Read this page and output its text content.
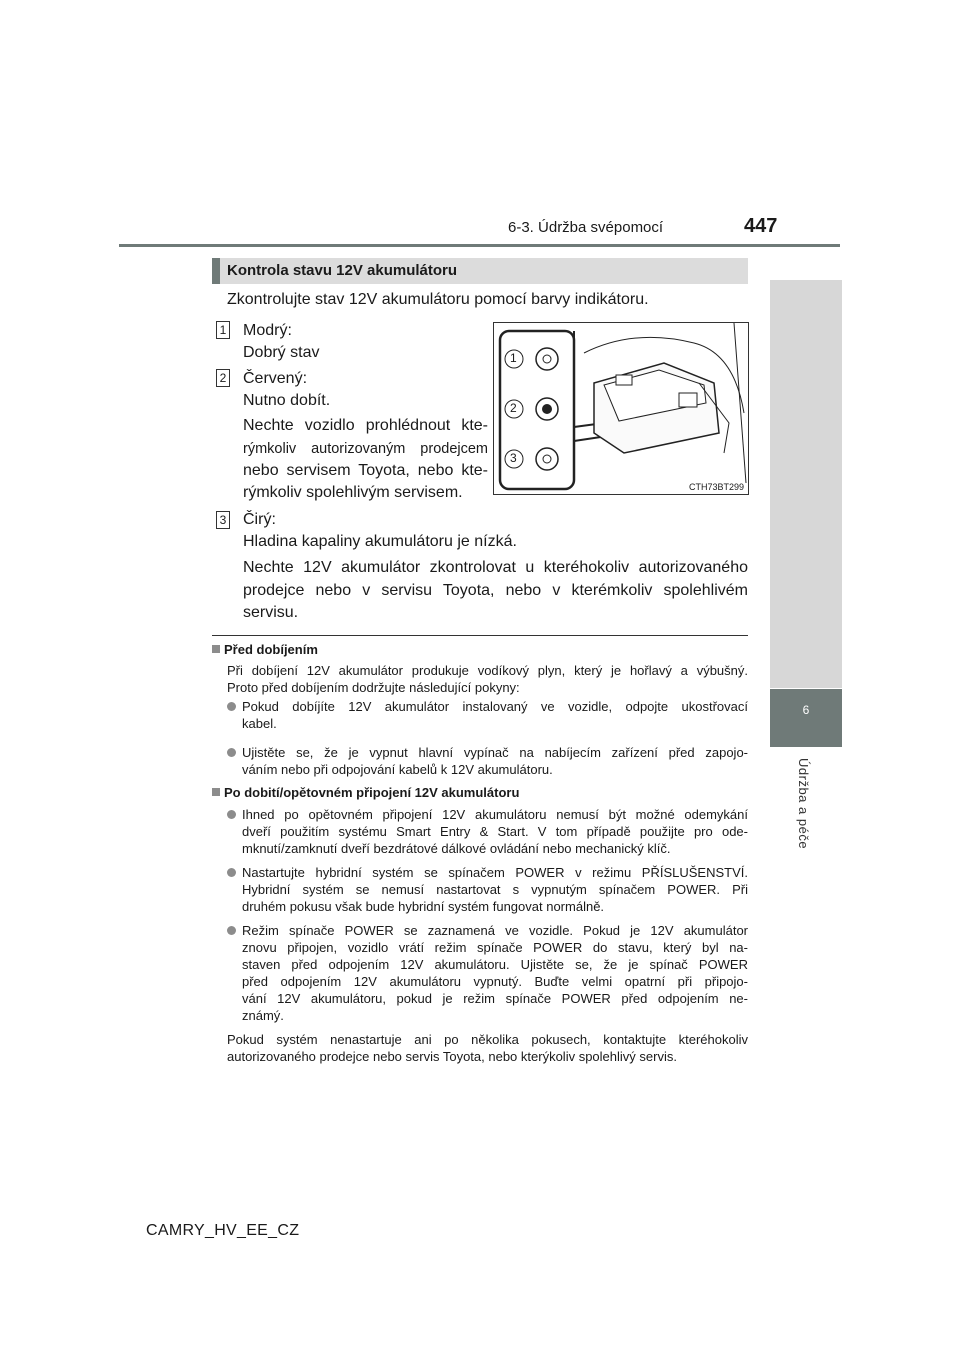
6-3. Údržba svépomocí	447
6
Údržba a péče
Kontrola stavu 12V akumulátoru
Zkontrolujte stav 12V akumulátoru pomocí barvy indikátoru.
1 Modrý:
Dobrý stav
2 Červený:
Nutno dobít.
Nechte vozidlo prohlédnout kte-
rýmkoliv autorizovaným prodejcem
nebo servisem Toyota, nebo kte-
rýmkoliv spolehlivým servisem.
1
2
3
CTH73BT299
3 Čirý:
Hladina kapaliny akumulátoru je nízká.
Nechte 12V akumulátor zkontrolovat u kteréhokoliv autorizovaného
prodejce nebo v servisu Toyota, nebo v kterémkoliv spolehlivém
servisu.
Před dobíjením
Při dobíjení 12V akumulátor produkuje vodíkový plyn, který je hořlavý a výbušný.
Proto před dobíjením dodržujte následující pokyny:
Pokud dobíjíte 12V akumulátor instalovaný ve vozidle, odpojte ukostřovací
kabel.
Ujistěte se, že je vypnut hlavní vypínač na nabíjecím zařízení před zapojo-
váním nebo při odpojování kabelů k 12V akumulátoru.
Po dobití/opětovném připojení 12V akumulátoru
Ihned po opětovném připojení 12V akumulátoru nemusí být možné odemykání
dveří použitím systému Smart Entry & Start. V tom případě použijte pro ode-
mknutí/zamknutí dveří bezdrátové dálkové ovládání nebo mechanický klíč.
Nastartujte hybridní systém se spínačem POWER v režimu PŘÍSLUŠENSTVÍ.
Hybridní systém se nemusí nastartovat s vypnutým spínačem POWER. Při
druhém pokusu však bude hybridní systém fungovat normálně.
Režim spínače POWER se zaznamená ve vozidle. Pokud je 12V akumulátor
znovu připojen, vozidlo vrátí režim spínače POWER do stavu, který byl na-
staven před odpojením 12V akumulátoru. Ujistěte se, že je spínač POWER
před odpojením 12V akumulátoru vypnutý. Buďte velmi opatrní při připojo-
vání 12V akumulátoru, pokud je režim spínače POWER před odpojením ne-
známý.
Pokud systém nenastartuje ani po několika pokusech, kontaktujte kteréhokoliv
autorizovaného prodejce nebo servis Toyota, nebo kterýkoliv spolehlivý servis.
CAMRY_HV_EE_CZ
